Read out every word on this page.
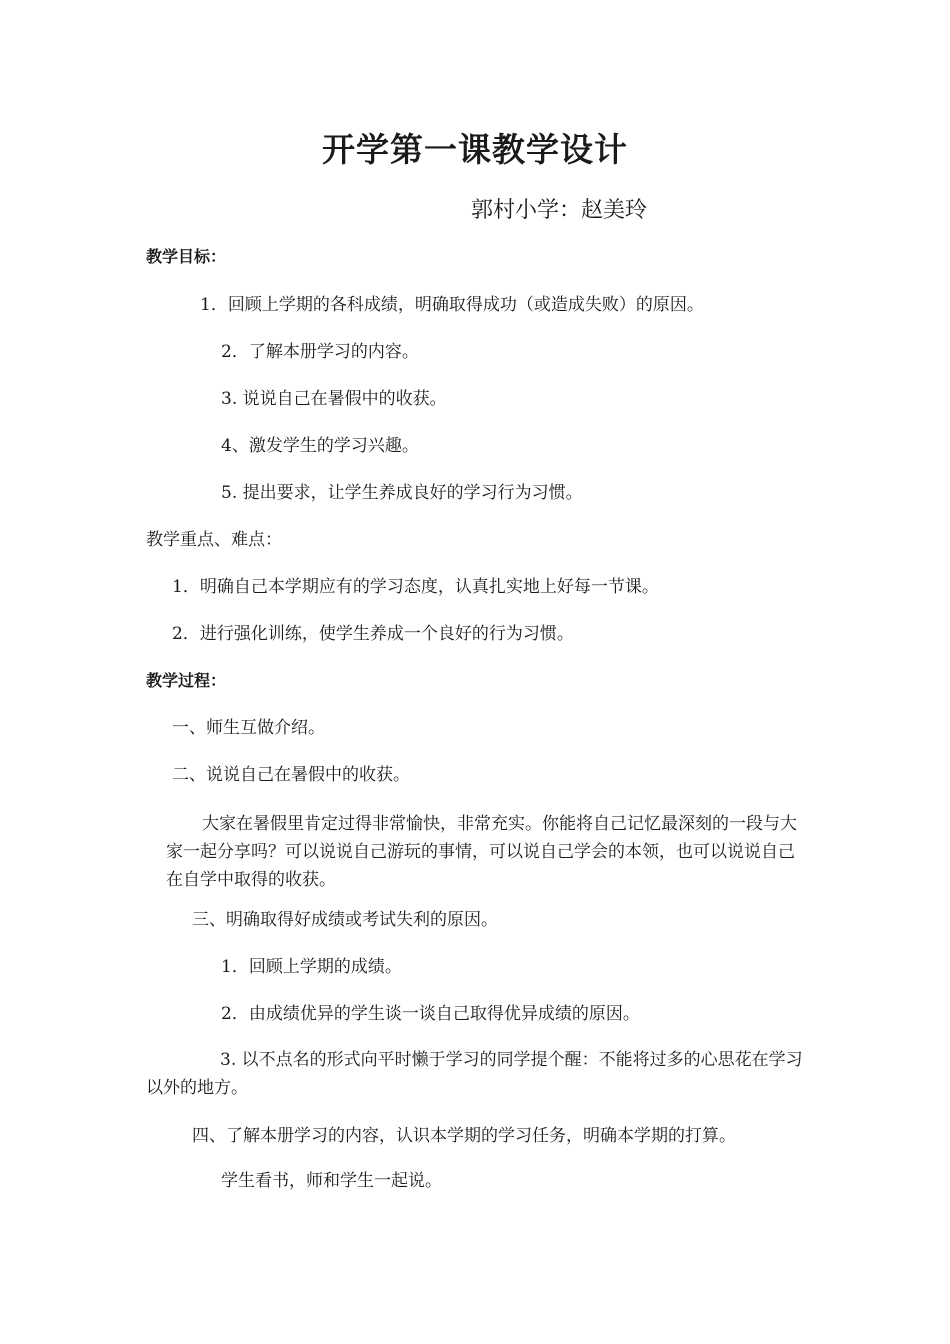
开学第一课教学设计
郭村小学：赵美玲
教学目标：
1．回顾上学期的各科成绩，明确取得成功（或造成失败）的原因。
2．了解本册学习的内容。
3. 说说自己在暑假中的收获。
4、激发学生的学习兴趣。
5. 提出要求，让学生养成良好的学习行为习惯。
教学重点、难点：
1．明确自己本学期应有的学习态度，认真扎实地上好每一节课。
2．进行强化训练，使学生养成一个良好的行为习惯。
教学过程：
一、师生互做介绍。
二、说说自己在暑假中的收获。
大家在暑假里肯定过得非常愉快，非常充实。你能将自己记忆最深刻的一段与大家一起分享吗？可以说说自己游玩的事情，可以说自己学会的本领，也可以说说自己在自学中取得的收获。
三、明确取得好成绩或考试失利的原因。
1．回顾上学期的成绩。
2．由成绩优异的学生谈一谈自己取得优异成绩的原因。
3. 以不点名的形式向平时懒于学习的同学提个醒：不能将过多的心思花在学习以外的地方。
四、了解本册学习的内容，认识本学期的学习任务，明确本学期的打算。
学生看书，师和学生一起说。
